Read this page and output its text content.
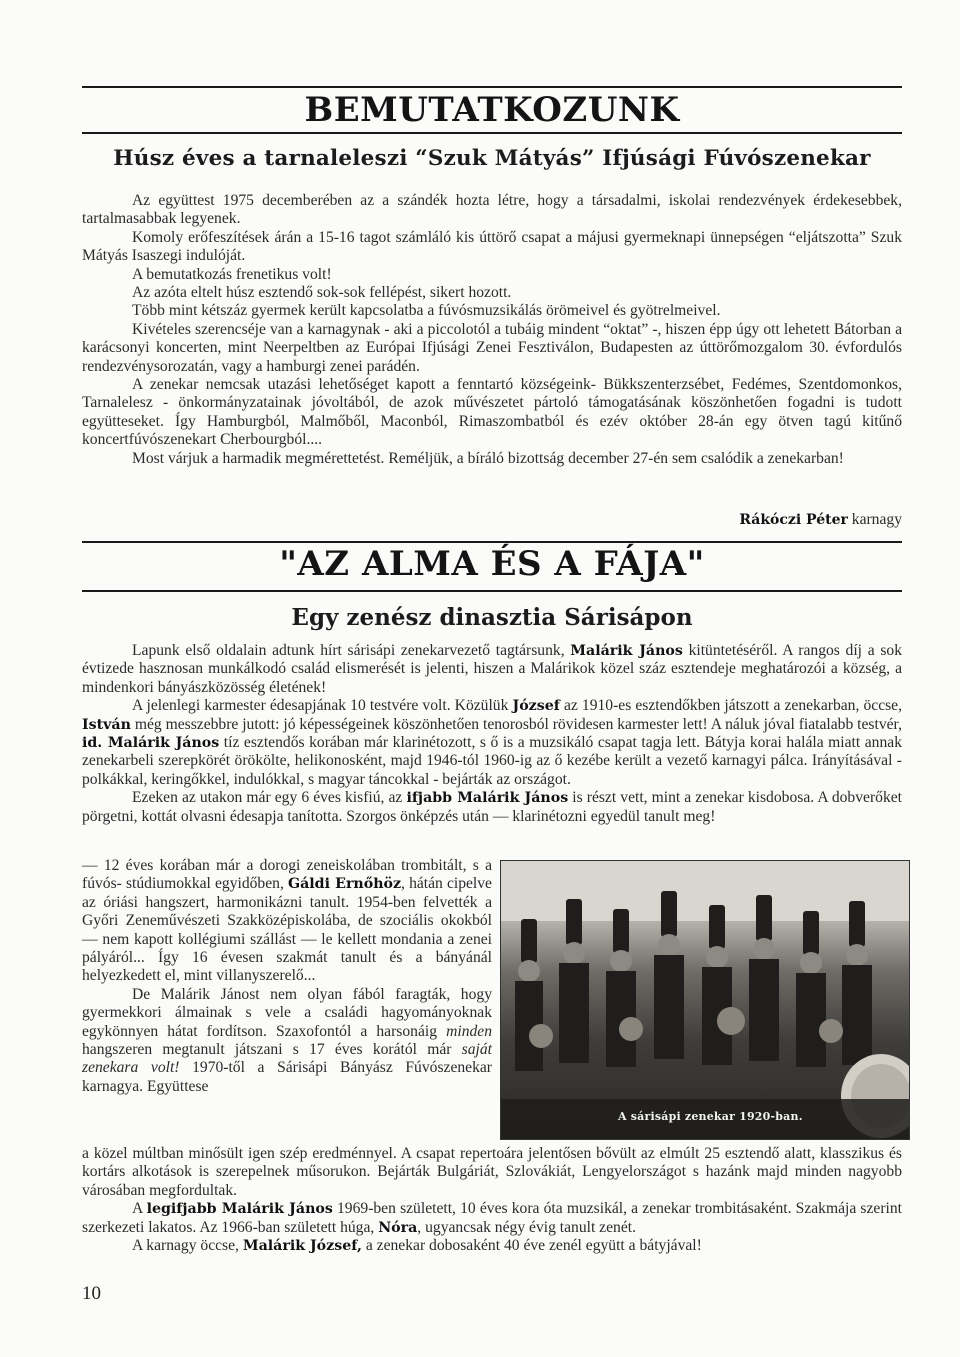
BEMUTATKOZUNK
Húsz éves a tarnaleleszi “Szuk Mátyás” Ifjúsági Fúvószenekar

Az együttest 1975 decemberében az a szándék hozta létre, hogy a társadalmi, iskolai rendezvények érdekesebbek, tartalmasabbak legyenek.

Komoly erőfeszítések árán a 15-16 tagot számláló kis úttörő csapat a májusi gyermeknapi ünnepségen “eljátszotta” Szuk Mátyás Isaszegi indulóját.

A bemutatkozás frenetikus volt!

Az azóta eltelt húsz esztendő sok-sok fellépést, sikert hozott.

Több mint kétszáz gyermek került kapcsolatba a fúvósmuzsikálás örömeivel és gyötrelmeivel.

Kivételes szerencséje van a karnagynak - aki a piccolotól a tubáig mindent “oktat” -, hiszen épp úgy ott lehetett Bátorban a karácsonyi koncerten, mint Neerpeltben az Európai Ifjúsági Zenei Fesztiválon, Budapesten az úttörőmozgalom 30. évfordulós rendezvénysorozatán, vagy a hamburgi zenei parádén.

A zenekar nemcsak utazási lehetőséget kapott a fenntartó községeink- Bükkszenterzsébet, Fedémes, Szentdomonkos, Tarnalelesz - önkormányzatainak jóvoltából, de azok művészetet pártoló támogatásának köszönhetően fogadni is tudott együtteseket. Így Hamburgból, Malmőből, Maconból, Rimaszombatból és ezév október 28-án egy ötven tagú kitűnő koncertfúvószenekart Cherbourgból....

Most várjuk a harmadik megmérettetést. Reméljük, a bíráló bizottság december 27-én sem csalódik a zenekarban!

Rákóczi Péter karnagy
"AZ ALMA ÉS A FÁJA"
Egy zenész dinasztia Sárisápon

Lapunk első oldalain adtunk hírt sárisápi zenekarvezető tagtársunk, Malárik János kitüntetéséről. A rangos díj a sok évtizede hasznosan munkálkodó család elismerését is jelenti, hiszen a Malárikok közel száz esztendeje meghatározói a község, a mindenkori bányászközösség életének!

A jelenlegi karmester édesapjának 10 testvére volt. Közülük József az 1910-es esztendőkben játszott a zenekarban, öccse, István még messzebbre jutott: jó képességeinek köszönhetően tenorosból rövidesen karmester lett! A náluk jóval fiatalabb testvér, id. Malárik János tíz esztendős korában már klarinétozott, s ő is a muzsikáló csapat tagja lett. Bátyja korai halála miatt annak zenekarbeli szerepkörét örökölte, helikonosként, majd 1946-tól 1960-ig az ő kezébe került a vezető karnagyi pálca. Irányításával - polkákkal, keringőkkel, indulókkal, s magyar táncokkal - bejárták az országot.

Ezeken az utakon már egy 6 éves kisfiú, az ifjabb Malárik János is részt vett, mint a zenekar kisdobosa. A dobverőket pörgetni, kottát olvasni édesapja tanította. Szorgos önképzés után — klarinétozni egyedül tanult meg!

— 12 éves korában már a dorogi zeneiskolában trombitált, s a fúvós- stúdiumokkal egyidőben, Gáldi Ernőhöz, hátán cipelve az óriási hangszert, harmonikázni tanult. 1954-ben felvették a Győri Zeneművészeti Szakközépiskolába, de szociális okokból — nem kapott kollégiumi szállást — le kellett mondania a zenei pályáról... Így 16 évesen szakmát tanult és a bányánál helyezkedett el, mint villanyszerelő...

De Malárik Jánost nem olyan fából faragták, hogy gyermekkori álmainak s vele a családi hagyományoknak egykönnyen hátat fordítson. Szaxofontól a harsonáig minden hangszeren megtanult játszani s 17 éves korától már saját zenekara volt! 1970-től a Sárisápi Bányász Fúvószenekar karnagya. Együttese

A sárisápi zenekar 1920-ban.

a közel múltban minősült igen szép eredménnyel. A csapat repertoára jelentősen bővült az elmúlt 25 esztendő alatt, klasszikus és kortárs alkotások is szerepelnek műsorukon. Bejárták Bulgáriát, Szlovákiát, Lengyelországot s hazánk majd minden nagyobb városában megfordultak.

A legifjabb Malárik János 1969-ben született, 10 éves kora óta muzsikál, a zenekar trombitásaként. Szakmája szerint szerkezeti lakatos. Az 1966-ban született húga, Nóra, ugyancsak négy évig tanult zenét.

A karnagy öccse, Malárik József, a zenekar dobosaként 40 éve zenél együtt a bátyjával!

10
